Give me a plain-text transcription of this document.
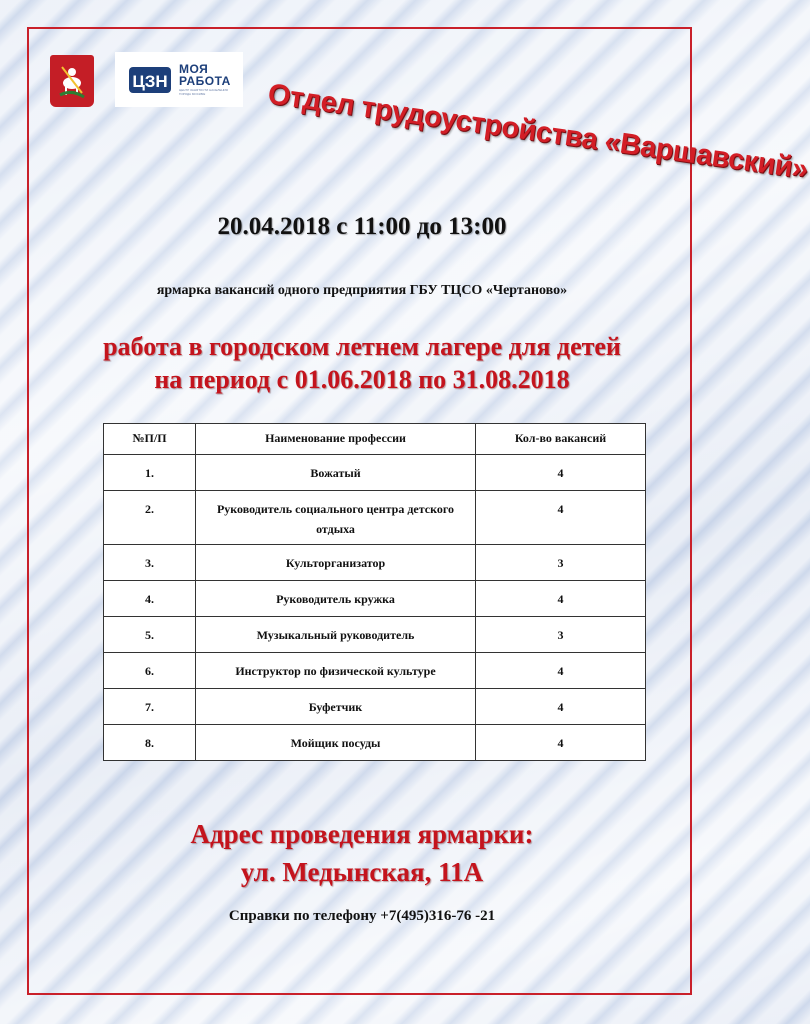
ЦЗН
МОЯ
РАБОТА
ЦЕНТР ЗАНЯТОСТИ НАСЕЛЕНИЯ ГОРОДА МОСКВЫ	Отдел трудоустройства «Варшавский»
20.04.2018 с 11:00 до 13:00
ярмарка вакансий одного предприятия ГБУ ТЦСО «Чертаново»
работа в городском летнем лагере для детей
на период с 01.06.2018 по 31.08.2018
№П/П	Наименование профессии	Кол-во вакансий
1.	Вожатый	4
2.	Руководитель социального центра детского отдыха	4
3.	Культорганизатор	3
4.	Руководитель кружка	4
5.	Музыкальный руководитель	3
6.	Инструктор по физической культуре	4
7.	Буфетчик	4
8.	Мойщик посуды	4
Адрес проведения ярмарки:
ул. Медынская, 11А
Справки по телефону +7(495)316-76 -21
